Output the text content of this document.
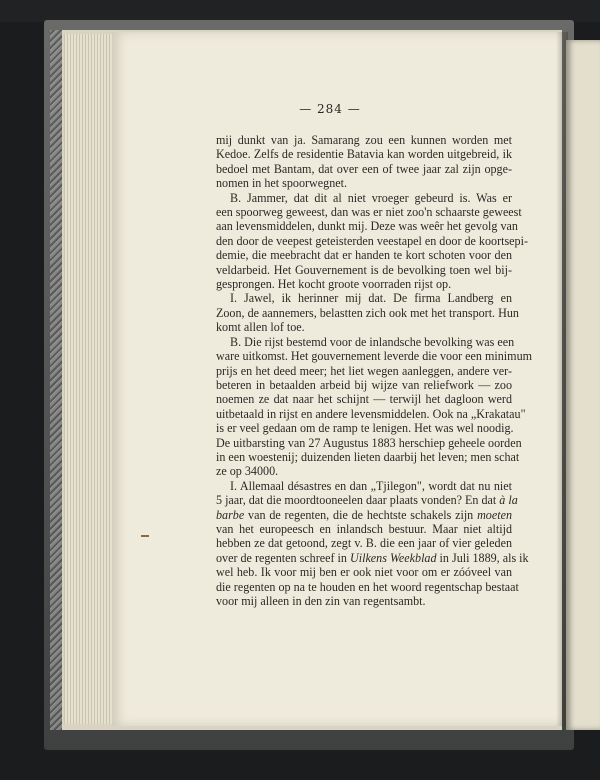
— 284 —
mij dunkt van ja. Samarang zou een kunnen worden met
Kedoe. Zelfs de residentie Batavia kan worden uitgebreid, ik
bedoel met Bantam, dat over een of twee jaar zal zijn opge-
nomen in het spoorwegnet.
B. Jammer, dat dit al niet vroeger gebeurd is. Was er
een spoorweg geweest, dan was er niet zoo'n schaarste geweest
aan levensmiddelen, dunkt mij. Deze was weêr het gevolg van
den door de veepest geteisterden veestapel en door de koortsepi-
demie, die meebracht dat er handen te kort schoten voor den
veldarbeid. Het Gouvernement is de bevolking toen wel bij-
gesprongen. Het kocht groote voorraden rijst op.
I. Jawel, ik herinner mij dat. De firma Landberg en
Zoon, de aannemers, belastten zich ook met het transport. Hun
komt allen lof toe.
B. Die rijst bestemd voor de inlandsche bevolking was een
ware uitkomst. Het gouvernement leverde die voor een minimum
prijs en het deed meer; het liet wegen aanleggen, andere ver-
beteren in betaalden arbeid bij wijze van reliefwork — zoo
noemen ze dat naar het schijnt — terwijl het dagloon werd
uitbetaald in rijst en andere levensmiddelen. Ook na „Krakatau"
is er veel gedaan om de ramp te lenigen. Het was wel noodig.
De uitbarsting van 27 Augustus 1883 herschiep geheele oorden
in een woestenij; duizenden lieten daarbij het leven; men schat
ze op 34000.
I. Allemaal désastres en dan „Tjilegon", wordt dat nu niet
5 jaar, dat die moordtooneelen daar plaats vonden? En dat à la
barbe van de regenten, die de hechtste schakels zijn moeten
van het europeesch en inlandsch bestuur. Maar niet altijd
hebben ze dat getoond, zegt v. B. die een jaar of vier geleden
over de regenten schreef in Uilkens Weekblad in Juli 1889, als ik
wel heb. Ik voor mij ben er ook niet voor om er zóóveel van
die regenten op na te houden en het woord regentschap bestaat
voor mij alleen in den zin van regentsambt.
